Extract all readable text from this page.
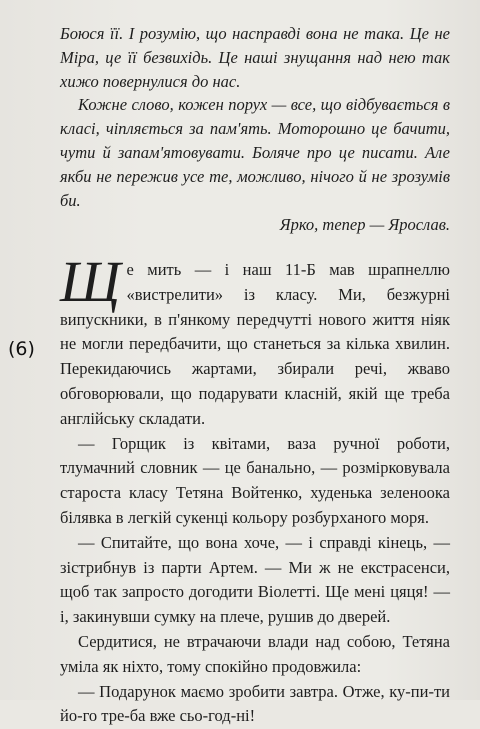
Боюся її. І розумію, що насправді вона не така. Це не Міра, це її безвихідь. Це наші знущання над нею так хижо повернулися до нас.

Кожне слово, кожен порух — все, що відбувається в класі, чіпляється за пам'ять. Моторошно це бачити, чути й запам'ятовувати. Боляче про це писати. Але якби не пережив усе те, можливо, нічого й не зрозумів би.

Ярко, тепер — Ярослав.

(6)

Ще мить — і наш 11-Б мав шрапнеллю «вистрелити» із класу. Ми, безжурні випускники, в п'янкому передчутті нового життя ніяк не могли передбачити, що станеться за кілька хвилин. Перекидаючись жартами, збирали речі, жваво обговорювали, що подарувати класній, якій ще треба англійську складати.

— Горщик із квітами, ваза ручної роботи, тлумачний словник — це банально, — розмірковувала староста класу Тетяна Войтенко, худенька зеленоока білявка в легкій сукенці кольору розбурханого моря.

— Спитайте, що вона хоче, — і справді кінець, — зістрибнув із парти Артем. — Ми ж не екстрасенси, щоб так запросто догодити Віолетті. Ще мені цяця! — і, закинувши сумку на плече, рушив до дверей.

Сердитися, не втрачаючи влади над собою, Тетяна уміла як ніхто, тому спокійно продовжила:

— Подарунок маємо зробити завтра. Отже, ку-пи-ти йо-го тре-ба вже сьо-год-ні!
